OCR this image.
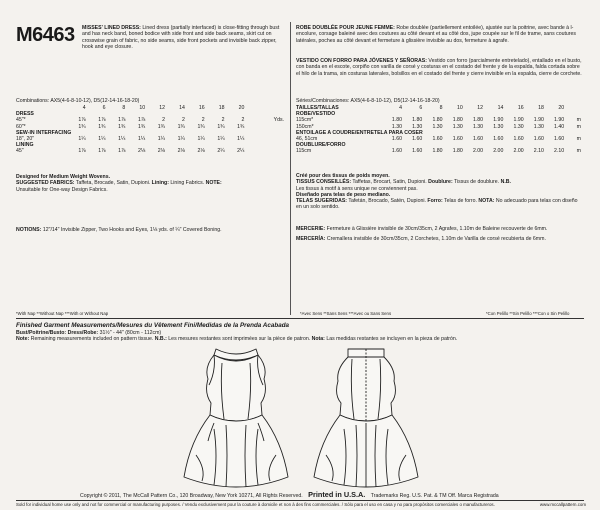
M6463 MISSES' LINED DRESS: Lined dress (partially interfaced) is close-fitting through bust and has neck band, boned bodice with side front and side back seams, skirt cut on crosswise grain of fabric, no side seams, side front pockets and invisible back zipper, hook and eye closure.
ROBE DOUBLÉE POUR JEUNE FEMME: Robe doublée (partiellement entoilée), ajustée sur la poitrine, avec bande à l-encolure, corsage baleiné avec des coutures au côté devant et au côté dos, jupe coupée sur le fil de trame, sans coutures latérales, poches au côté devant et fermeture à glissière invisible au dos, fermeture à agrafe.
VESTIDO CON FORRO PARA JÓVENES Y SEÑORAS: Vestido con forro (parcialmente entretelado), entallado en el busto, con banda en el escote, corpiño con varilla de corsé y costuras en el costado del frente y de la espalda, falda cortada sobre el hilo de la trama, sin costuras laterales, bolsillos en el costado del frente y cierre invisible en la espalda, cierre de corchete.
Combinations: AX5(4-6-8-10-12), D5(12-14-16-18-20)
	4	6	8	10	12	14	16	18	20	
DRESS										
45"*	1⅞	1⅞	1⅞	1⅞	2	2	2	2	2	Yds.
60"*	1¾	1¾	1¾	1¾	1¾	1¾	1¾	1¾	1¾	
SEW-IN INTERFACING										
18", 20"	1¼	1¼	1¼	1¼	1¼	1¼	1¼	1¼	1¼	
LINING										
45"	1⅞	1⅞	1⅞	2⅛	2⅛	2⅛	2⅛	2¼	2¼	
Designed for Medium Weight Wovens.
SUGGESTED FABRICS: Taffeta, Brocade, Satin, Dupioni. Lining: Lining Fabrics. NOTE:
Unsuitable for One-way Design Fabrics.
NOTIONS: 12"/14" Invisible Zipper, Two Hooks and Eyes, 1⅛ yds. of ¼" Covered Boning.
*With Nap **Without Nap ***With or Without Nap
Séries/Combinaciones: AX5(4-6-8-10-12), D5(12-14-16-18-20)
TAILLES/TALLAS	4	6	8	10	12	14	16	18	20	
ROBE/VESTIDO										
115cm*	1.80	1.80	1.80	1.80	1.80	1.90	1.90	1.90	1.90	m
150cm*	1.30	1.30	1.30	1.30	1.30	1.30	1.30	1.30	1.40	m
ENTOILAGE A COUDRE/ENTRETELA PARA COSER										
46, 51cm	1.60	1.60	1.60	1.60	1.60	1.60	1.60	1.60	1.60	m
DOUBLURE/FORRO										
115cm	1.60	1.60	1.80	1.80	2.00	2.00	2.00	2.10	2.10	m
Créé pour des tissus de poids moyen.
TISSUS CONSEILLÉS: Taffetas, Brocart, Satin, Dupioni. Doublure: Tissus de doublure. N.B.
Les tissus à motif à sens unique ne conviennent pas.
Diseñado para telas de peso mediano.
TELAS SUGERIDAS: Tafetán, Brocado, Satén, Dupioni. Forro: Telas de forro. NOTA: No adecuado para telas con diseño en un solo sentido.
MERCERIE: Fermeture à Glissière invisible de 30cm/35cm, 2 Agrafes, 1.10m de Baleine recouverte de 6mm.
MERCERÍA: Cremallera invisible de 30cm/35cm, 2 Corchetes, 1.10m de Varilla de corsé recubierta de 6mm.
*Avec Sens **Sans Sens ***Avec ou Sans Sens	*Con Pelillo **Sin Pelillo ***Con o Sin Pelillo
Finished Garment Measurements/Mesures du Vêtement Fini/Medidas de la Prenda Acabada
Bust/Poitrine/Busto: Dress/Robe: 31½" - 44" (80cm - 112cm)
Note: Remaining measurements included on pattern tissue. N.B.: Les mesures restantes sont imprimées sur la pièce de patron. Nota: Las medidas restantes se incluyen en la pieza de patrón.
Copyright © 2011, The McCall Pattern Co., 120 Broadway, New York 10271, All Rights Reserved. Printed in U.S.A. Trademarks Reg. U.S. Pat. & TM Off. Marca Registrada
Sold for individual home use only and not for commercial or manufacturing purposes. / Vendu exclusivement pour la couture à domicile et non à des fins commerciales. / Sólo para el uso en casa y no para propósitos comerciales o manufactureros.	www.mccallpattern.com
